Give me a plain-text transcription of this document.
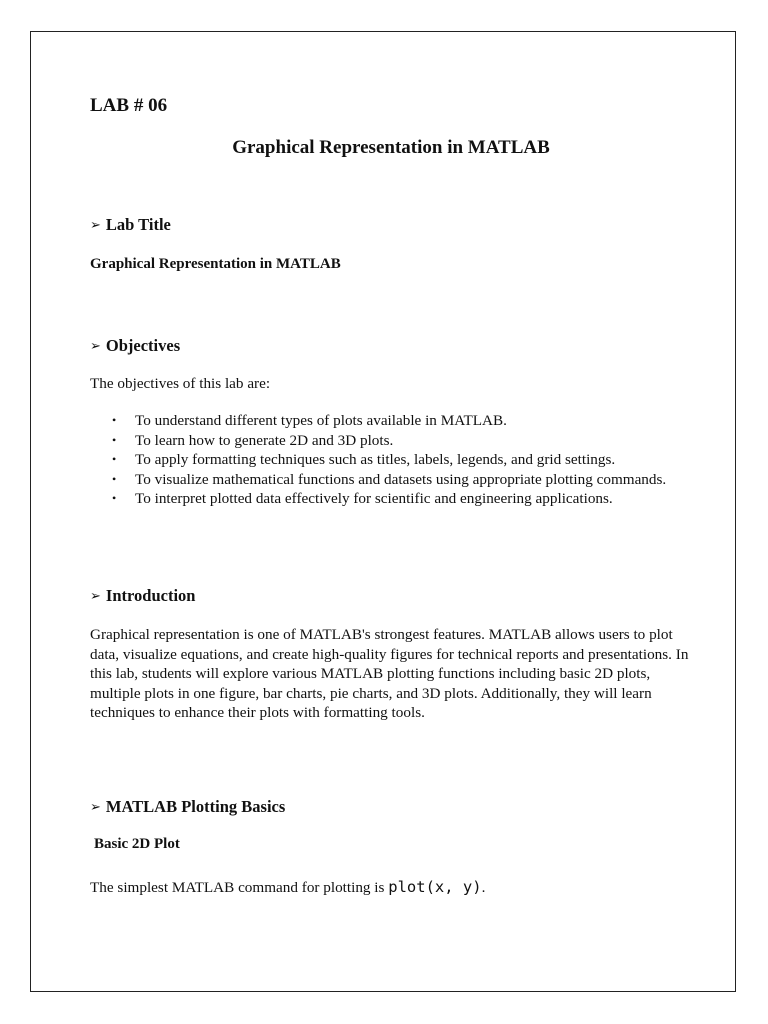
LAB # 06
Graphical Representation in MATLAB
➢ Lab Title
Graphical Representation in MATLAB
➢ Objectives
The objectives of this lab are:
• To understand different types of plots available in MATLAB.
• To learn how to generate 2D and 3D plots.
• To apply formatting techniques such as titles, labels, legends, and grid settings.
• To visualize mathematical functions and datasets using appropriate plotting commands.
• To interpret plotted data effectively for scientific and engineering applications.
➢ Introduction
Graphical representation is one of MATLAB's strongest features. MATLAB allows users to plot data, visualize equations, and create high-quality figures for technical reports and presentations. In this lab, students will explore various MATLAB plotting functions including basic 2D plots, multiple plots in one figure, bar charts, pie charts, and 3D plots. Additionally, they will learn techniques to enhance their plots with formatting tools.
➢ MATLAB Plotting Basics
Basic 2D Plot
The simplest MATLAB command for plotting is plot(x, y).
